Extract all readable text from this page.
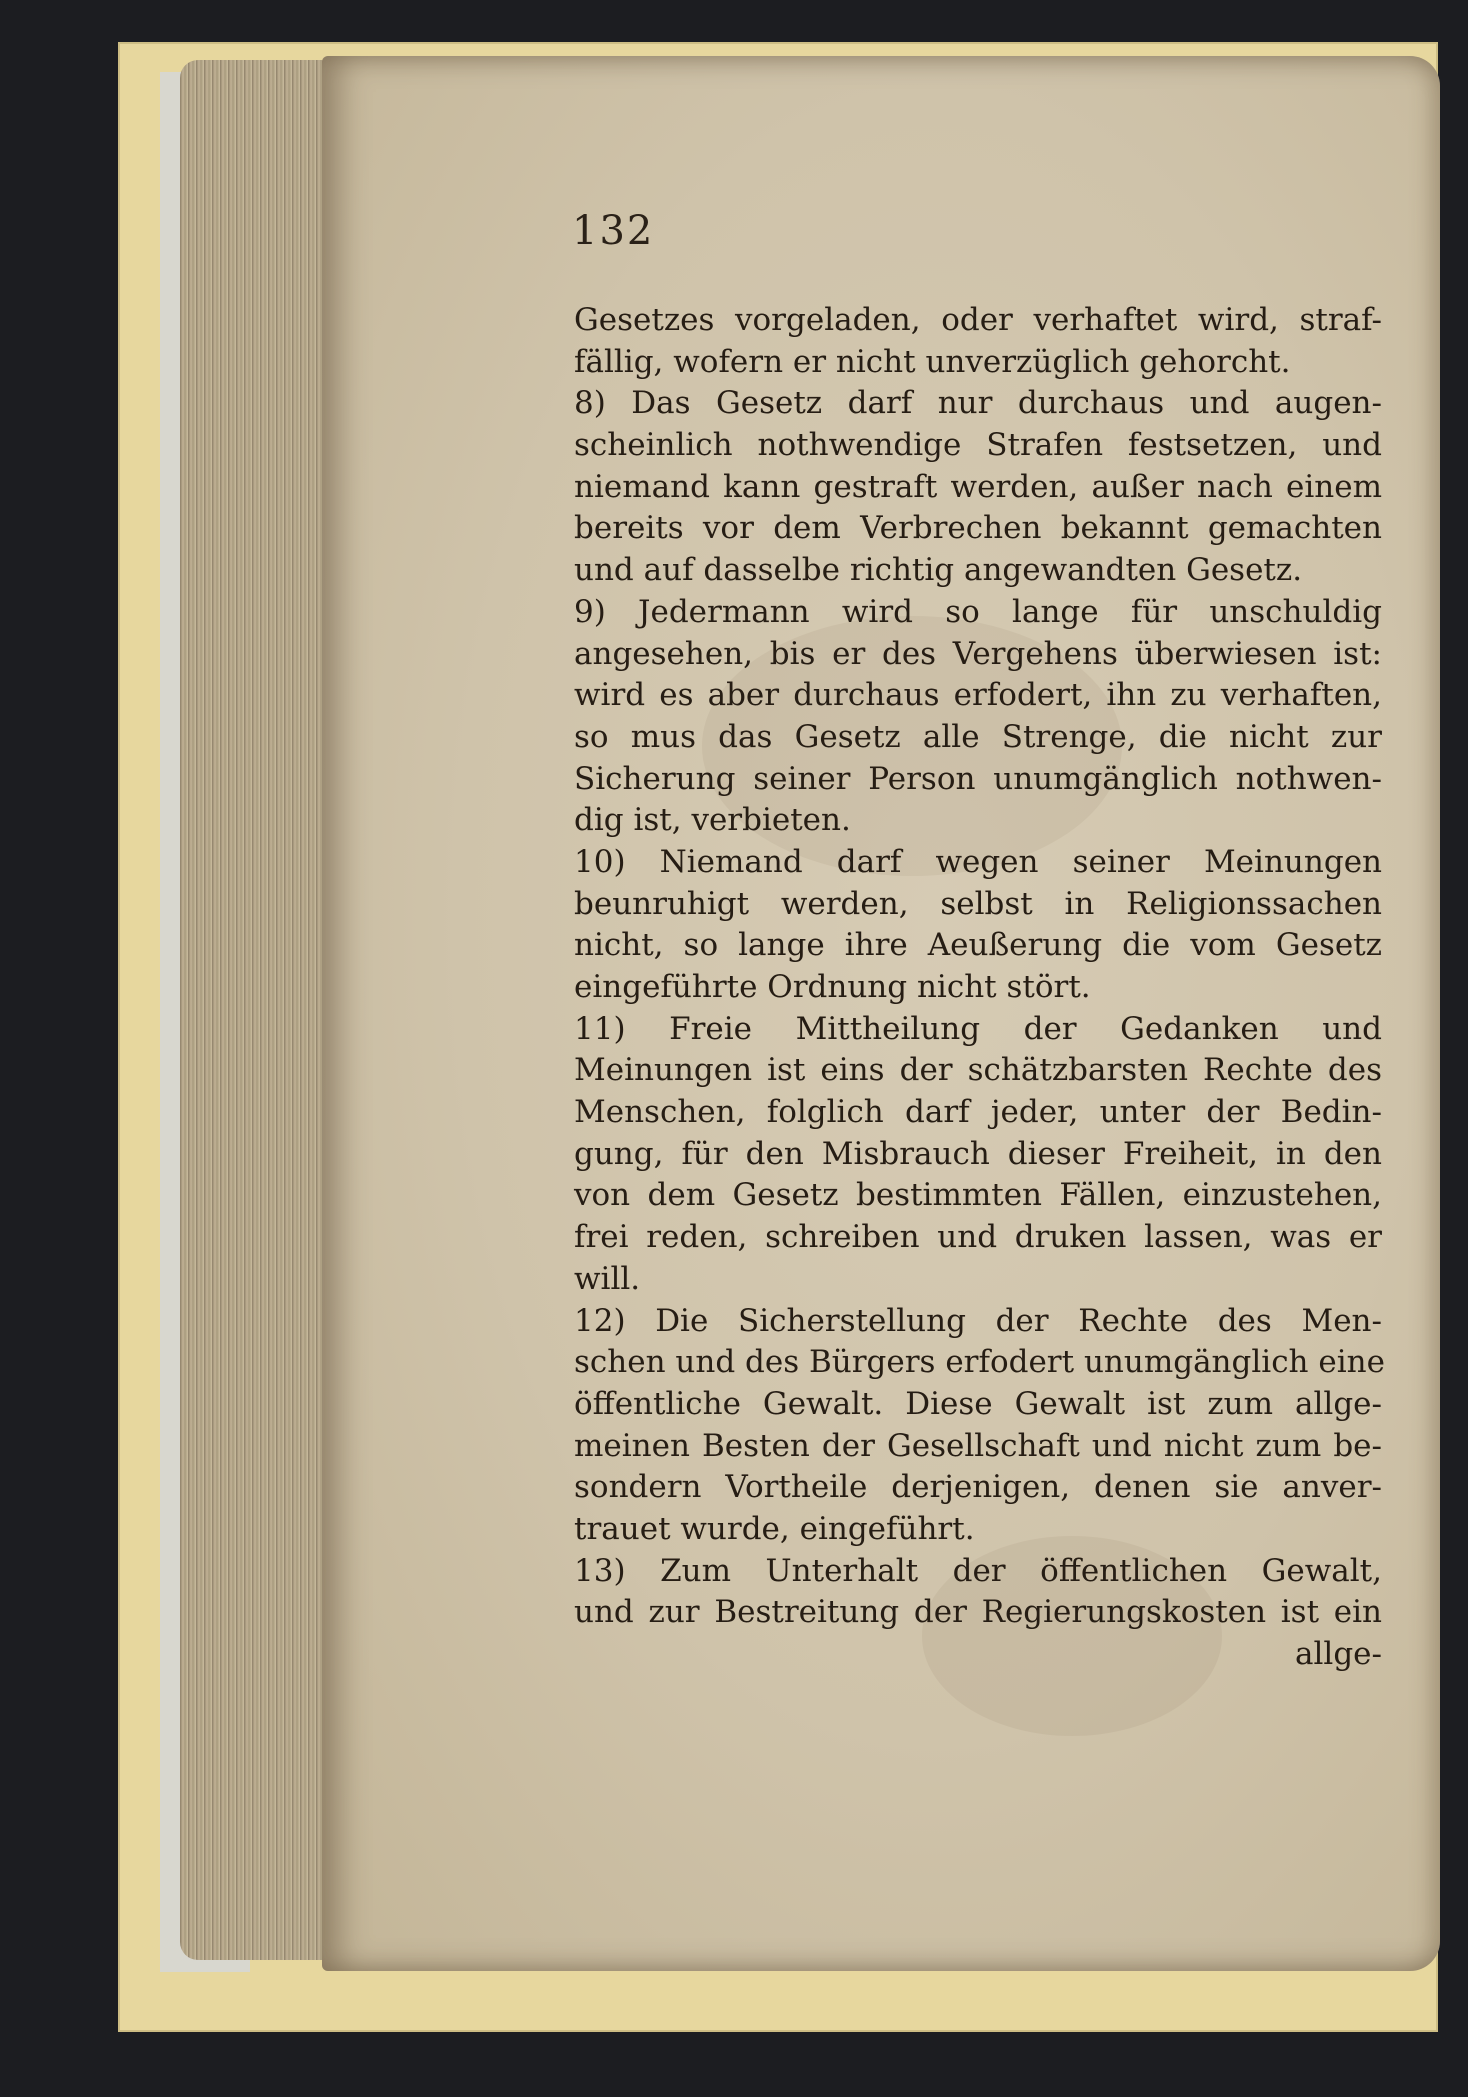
132
Gesetzes vorgeladen, oder verhaftet wird, straf-
fällig, wofern er nicht unverzüglich gehorcht.
8) Das Gesetz darf nur durchaus und augen-
scheinlich nothwendige Strafen festsetzen, und
niemand kann gestraft werden, außer nach einem
bereits vor dem Verbrechen bekannt gemachten
und auf dasselbe richtig angewandten Gesetz.
9) Jedermann wird so lange für unschuldig
angesehen, bis er des Vergehens überwiesen ist:
wird es aber durchaus erfodert, ihn zu verhaften,
so mus das Gesetz alle Strenge, die nicht zur
Sicherung seiner Person unumgänglich nothwen-
dig ist, verbieten.
10) Niemand darf wegen seiner Meinungen
beunruhigt werden, selbst in Religionssachen
nicht, so lange ihre Aeußerung die vom Gesetz
eingeführte Ordnung nicht stört.
11) Freie Mittheilung der Gedanken und
Meinungen ist eins der schätzbarsten Rechte des
Menschen, folglich darf jeder, unter der Bedin-
gung, für den Misbrauch dieser Freiheit, in den
von dem Gesetz bestimmten Fällen, einzustehen,
frei reden, schreiben und druken lassen, was er
will.
12) Die Sicherstellung der Rechte des Men-
schen und des Bürgers erfodert unumgänglich eine
öffentliche Gewalt. Diese Gewalt ist zum allge-
meinen Besten der Gesellschaft und nicht zum be-
sondern Vortheile derjenigen, denen sie anver-
trauet wurde, eingeführt.
13) Zum Unterhalt der öffentlichen Gewalt,
und zur Bestreitung der Regierungskosten ist ein
allge-
